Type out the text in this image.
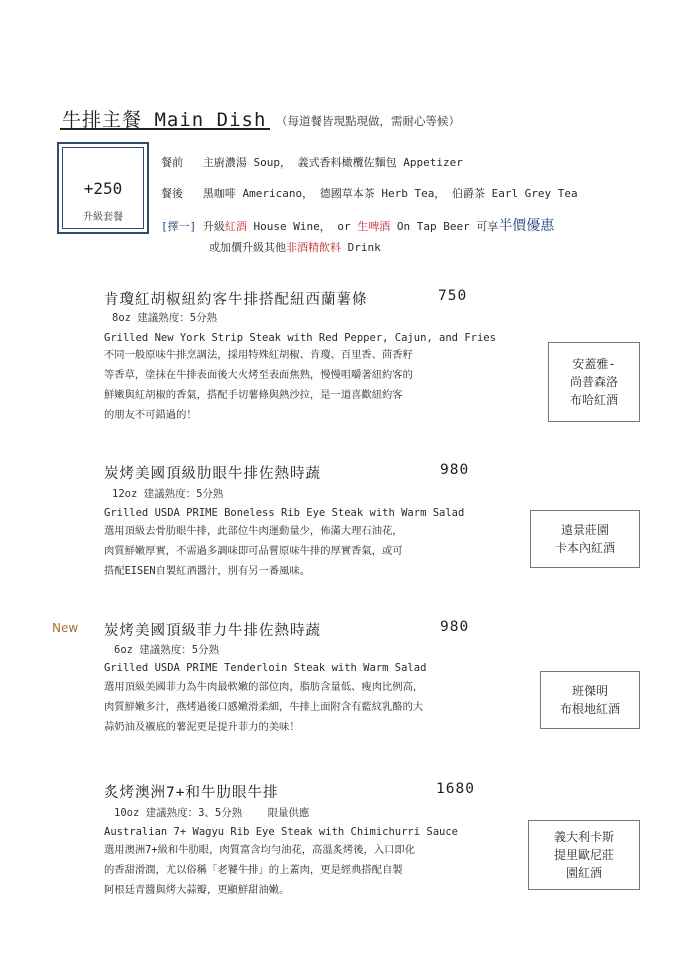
牛排主餐 Main Dish （每道餐皆現點現做，需耐心等候）
+250
升級套餐
餐前 主廚濃湯 Soup， 義式香料橄欖佐麵包 Appetizer
餐後 黑咖啡 Americano， 德國草本茶 Herb Tea， 伯爵茶 Earl Grey Tea
[擇一] 升級紅酒 House Wine， or 生啤酒 On Tap Beer 可享半價優惠
或加價升級其他非酒精飲料 Drink
肯瓊紅胡椒紐約客牛排搭配紐西蘭薯條	750
8oz 建議熟度：5分熟
Grilled New York Strip Steak with Red Pepper, Cajun, and Fries
不同一般原味牛排烹調法，採用特殊紅胡椒、肯瓊、百里香、茴香籽
等香草，塗抹在牛排表面後大火烤至表面焦熟，慢慢咀嚼著紐約客的
鮮嫩與紅胡椒的香氣，搭配手切薯條與熱沙拉，是一道喜歡紐約客
的朋友不可錯過的！
安蓋雅-
尚普森洛
布哈紅酒
炭烤美國頂級肋眼牛排佐熱時蔬	980
12oz 建議熟度：5分熟
Grilled USDA PRIME Boneless Rib Eye Steak with Warm Salad
選用頂級去骨肋眼牛排，此部位牛肉運動量少，佈滿大理石油花，
肉質鮮嫩厚實，不需過多調味即可品嘗原味牛排的厚實香氣，或可
搭配EISEN自製紅酒醬汁，別有另一番風味。
遠景莊園
卡本內紅酒
New 炭烤美國頂級菲力牛排佐熱時蔬	980
6oz 建議熟度：5分熟
Grilled USDA PRIME Tenderloin Steak with Warm Salad
選用頂級美國菲力為牛肉最軟嫩的部位肉，脂肪含量低、瘦肉比例高，
肉質鮮嫩多汁，燕烤過後口感嫩滑柔細，牛排上面附含有藍紋乳酪的大
蒜奶油及襯底的薯泥更是提升菲力的美味！
班傑明
布根地紅酒
炙烤澳洲7+和牛肋眼牛排	1680
10oz 建議熟度：3、5分熟 限量供應
Australian 7+ Wagyu Rib Eye Steak with Chimichurri Sauce
選用澳洲7+級和牛肋眼，肉質富含均勻油花，高溫炙烤後，入口即化
的香甜滑潤，尤以俗稱「老饕牛排」的上蓋肉，更是經典搭配自製
阿根廷青醬與烤大蒜瓣，更顯鮮甜油嫩。
義大利卡斯
提里歐尼莊
園紅酒
